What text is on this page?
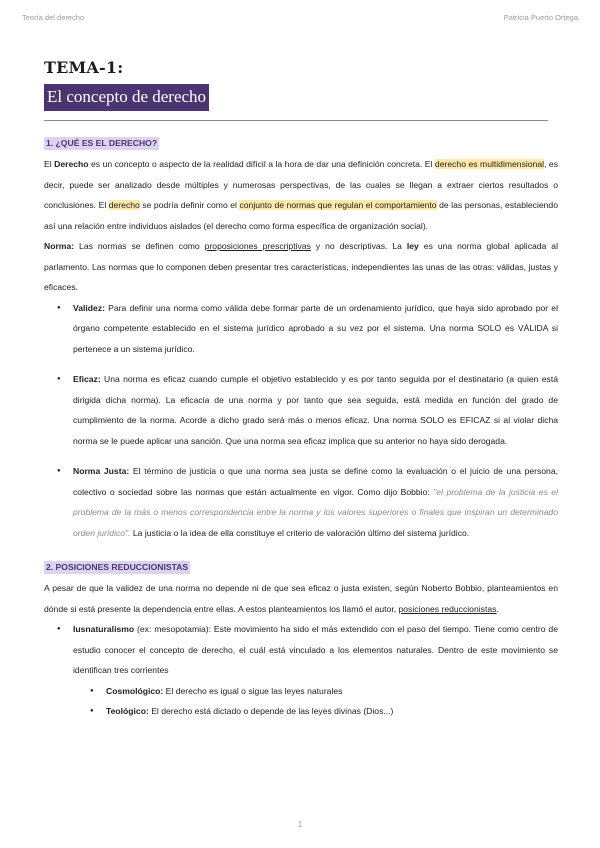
Teoría del derecho	Patricia Puerto Ortega
TEMA-1:
El concepto de derecho
1. ¿QUÉ ES EL DERECHO?

El Derecho es un concepto o aspecto de la realidad difícil a la hora de dar una definición concreta. El derecho es multidimensional, es decir, puede ser analizado desde múltiples y numerosas perspectivas, de las cuales se llegan a extraer ciertos resultados o conclusiones. El derecho se podría definir como el conjunto de normas que regulan el comportamiento de las personas, estableciendo así una relación entre individuos aislados (el derecho como forma específica de organización social).

Norma: Las normas se definen como proposiciones prescriptivas y no descriptivas. La ley es una norma global aplicada al parlamento. Las normas que lo componen deben presentar tres características, independientes las unas de las otras: válidas, justas y eficaces.

● Validez: Para definir una norma como válida debe formar parte de un ordenamiento jurídico, que haya sido aprobado por el órgano competente establecido en el sistema jurídico aprobado a su vez por el sistema. Una norma SOLO es VÁLIDA si pertenece a un sistema jurídico.
● Eficaz: Una norma es eficaz cuando cumple el objetivo establecido y es por tanto seguida por el destinatario (a quien está dirigida dicha norma). La eficacia de una norma y por tanto que sea seguida, está medida en función del grado de cumplimiento de la norma. Acorde a dicho grado será más o menos eficaz. Una norma SOLO es EFICAZ si al violar dicha norma se le puede aplicar una sanción. Que una norma sea eficaz implica que su anterior no haya sido derogada.
● Norma Justa: El término de justicia o que una norma sea justa se define como la evaluación o el juicio de una persona, colectivo o sociedad sobre las normas que están actualmente en vigor. Como dijo Bobbio: "el problema de la justicia es el problema de la más o menos correspondencia entre la norma y los valores superiores o finales que inspiran un determinado orden jurídico". La justicia o la idea de ella constituye el criterio de valoración último del sistema jurídico.
2. POSICIONES REDUCCIONISTAS

A pesar de que la validez de una norma no depende ni de que sea eficaz o justa existen, según Noberto Bobbio, planteamientos en dónde si está presente la dependencia entre ellas. A estos planteamientos los llamó el autor, posiciones reduccionistas.

● Iusnaturalismo (ex: mesopotamia): Este movimiento ha sido el más extendido con el paso del tiempo. Tiene como centro de estudio conocer el concepto de derecho, el cuál está vinculado a los elementos naturales. Dentro de este movimiento se identifican tres corrientes
● Cosmológico: El derecho es igual o sigue las leyes naturales
● Teológico: El derecho está dictado o depende de las leyes divinas (Dios...)
1
